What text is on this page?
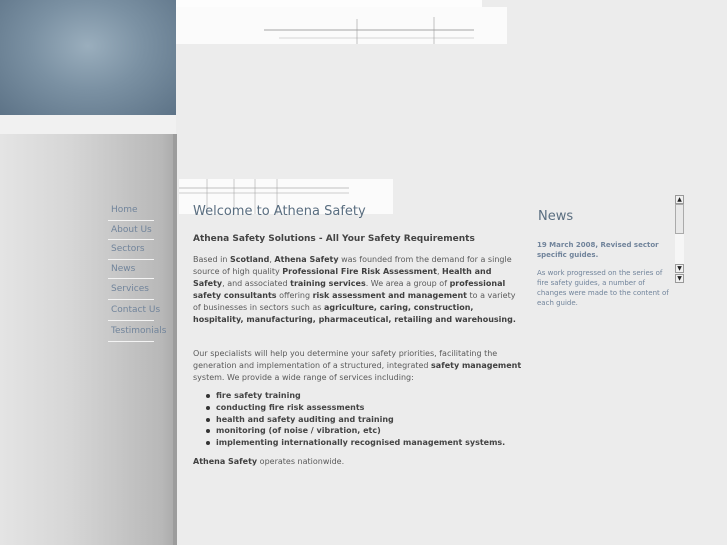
Home
About Us
Sectors
News
Services
Contact Us
Testimonials
Welcome to Athena Safety
Athena Safety Solutions - All Your Safety Requirements

Based in Scotland, Athena Safety was founded from the demand for a single source of high quality Professional Fire Risk Assessment, Health and Safety, and associated training services. We area a group of professional safety consultants offering risk assessment and management to a variety of businesses in sectors such as agriculture, caring, construction, hospitality, manufacturing, pharmaceutical, retailing and warehousing.

Our specialists will help you determine your safety priorities, facilitating the generation and implementation of a structured, integrated safety management system. We provide a wide range of services including:

fire safety training
conducting fire risk assessments
health and safety auditing and training
monitoring (of noise / vibration, etc)
implementing internationally recognised management systems.

Athena Safety operates nationwide.

News
19 March 2008, Revised sector specific guides.
As work progressed on the series of fire safety guides, a number of changes were made to the content of each guide.
▲
▼
▼
